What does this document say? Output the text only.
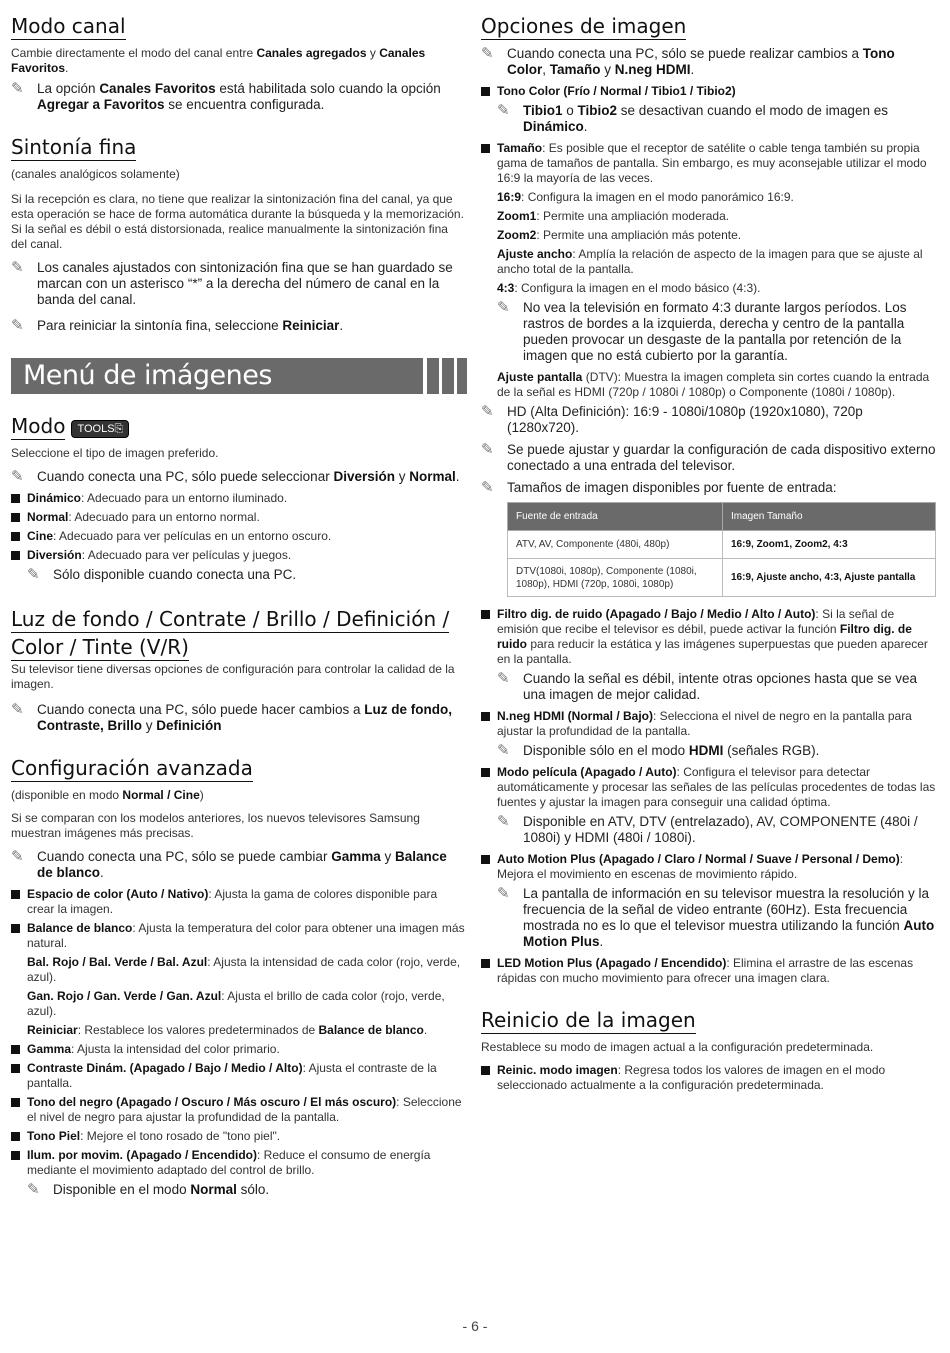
Modo canal

Cambie directamente el modo del canal entre Canales agregados y Canales Favoritos.

✎ La opción Canales Favoritos está habilitada solo cuando la opción Agregar a Favoritos se encuentra configurada.
Sintonía fina

(canales analógicos solamente)

Si la recepción es clara, no tiene que realizar la sintonización fina del canal, ya que esta operación se hace de forma automática durante la búsqueda y la memorización. Si la señal es débil o está distorsionada, realice manualmente la sintonización fina del canal.

✎ Los canales ajustados con sintonización fina que se han guardado se marcan con un asterisco “*” a la derecha del número de canal en la banda del canal.
✎ Para reiniciar la sintonía fina, seleccione Reiniciar.
Menú de imágenes
Modo TOOLS⎘

Seleccione el tipo de imagen preferido.

✎ Cuando conecta una PC, sólo puede seleccionar Diversión y Normal.
Dinámico: Adecuado para un entorno iluminado.
Normal: Adecuado para un entorno normal.
Cine: Adecuado para ver películas en un entorno oscuro.
Diversión: Adecuado para ver películas y juegos.
✎ Sólo disponible cuando conecta una PC.
Luz de fondo / Contrate / Brillo / Definición / Color / Tinte (V/R)

Su televisor tiene diversas opciones de configuración para controlar la calidad de la imagen.

✎ Cuando conecta una PC, sólo puede hacer cambios a Luz de fondo, Contraste, Brillo y Definición
Configuración avanzada

(disponible en modo Normal / Cine)

Si se comparan con los modelos anteriores, los nuevos televisores Samsung muestran imágenes más precisas.

✎ Cuando conecta una PC, sólo se puede cambiar Gamma y Balance de blanco.
Espacio de color (Auto / Nativo): Ajusta la gama de colores disponible para crear la imagen.
Balance de blanco: Ajusta la temperatura del color para obtener una imagen más natural.
Bal. Rojo / Bal. Verde / Bal. Azul: Ajusta la intensidad de cada color (rojo, verde, azul).
Gan. Rojo / Gan. Verde / Gan. Azul: Ajusta el brillo de cada color (rojo, verde, azul).
Reiniciar: Restablece los valores predeterminados de Balance de blanco.
Gamma: Ajusta la intensidad del color primario.
Contraste Dinám. (Apagado / Bajo / Medio / Alto): Ajusta el contraste de la pantalla.
Tono del negro (Apagado / Oscuro / Más oscuro / El más oscuro): Seleccione el nivel de negro para ajustar la profundidad de la pantalla.
Tono Piel: Mejore el tono rosado de "tono piel".
Ilum. por movim. (Apagado / Encendido): Reduce el consumo de energía mediante el movimiento adaptado del control de brillo.
✎ Disponible en el modo Normal sólo.
Opciones de imagen
✎ Cuando conecta una PC, sólo se puede realizar cambios a Tono Color, Tamaño y N.neg HDMI.
Tono Color (Frío / Normal / Tibio1 / Tibio2)
✎ Tibio1 o Tibio2 se desactivan cuando el modo de imagen es Dinámico.
Tamaño: Es posible que el receptor de satélite o cable tenga también su propia gama de tamaños de pantalla. Sin embargo, es muy aconsejable utilizar el modo 16:9 la mayoría de las veces.
16:9: Configura la imagen en el modo panorámico 16:9.
Zoom1: Permite una ampliación moderada.
Zoom2: Permite una ampliación más potente.
Ajuste ancho: Amplía la relación de aspecto de la imagen para que se ajuste al ancho total de la pantalla.
4:3: Configura la imagen en el modo básico (4:3).
✎ No vea la televisión en formato 4:3 durante largos períodos. Los rastros de bordes a la izquierda, derecha y centro de la pantalla pueden provocar un desgaste de la pantalla por retención de la imagen que no está cubierto por la garantía.
Ajuste pantalla (DTV): Muestra la imagen completa sin cortes cuando la entrada de la señal es HDMI (720p / 1080i / 1080p) o Componente (1080i / 1080p).
✎ HD (Alta Definición): 16:9 - 1080i/1080p (1920x1080), 720p (1280x720).
✎ Se puede ajustar y guardar la configuración de cada dispositivo externo conectado a una entrada del televisor.
✎ Tamaños de imagen disponibles por fuente de entrada:
Fuente de entrada	Imagen Tamaño
ATV, AV, Componente (480i, 480p)	16:9, Zoom1, Zoom2, 4:3
DTV(1080i, 1080p), Componente (1080i, 1080p), HDMI (720p, 1080i, 1080p)	16:9, Ajuste ancho, 4:3, Ajuste pantalla
Filtro dig. de ruido (Apagado / Bajo / Medio / Alto / Auto): Si la señal de emisión que recibe el televisor es débil, puede activar la función Filtro dig. de ruido para reducir la estática y las imágenes superpuestas que pueden aparecer en la pantalla.
✎ Cuando la señal es débil, intente otras opciones hasta que se vea una imagen de mejor calidad.
N.neg HDMI (Normal / Bajo): Selecciona el nivel de negro en la pantalla para ajustar la profundidad de la pantalla.
✎ Disponible sólo en el modo HDMI (señales RGB).
Modo película (Apagado / Auto): Configura el televisor para detectar automáticamente y procesar las señales de las películas procedentes de todas las fuentes y ajustar la imagen para conseguir una calidad óptima.
✎ Disponible en ATV, DTV (entrelazado), AV, COMPONENTE (480i / 1080i) y HDMI (480i / 1080i).
Auto Motion Plus (Apagado / Claro / Normal / Suave / Personal / Demo): Mejora el movimiento en escenas de movimiento rápido.
✎ La pantalla de información en su televisor muestra la resolución y la frecuencia de la señal de video entrante (60Hz). Esta frecuencia mostrada no es lo que el televisor muestra utilizando la función Auto Motion Plus.
LED Motion Plus (Apagado / Encendido): Elimina el arrastre de las escenas rápidas con mucho movimiento para ofrecer una imagen clara.
Reinicio de la imagen

Restablece su modo de imagen actual a la configuración predeterminada.

Reinic. modo imagen: Regresa todos los valores de imagen en el modo seleccionado actualmente a la configuración predeterminada.
- 6 -
